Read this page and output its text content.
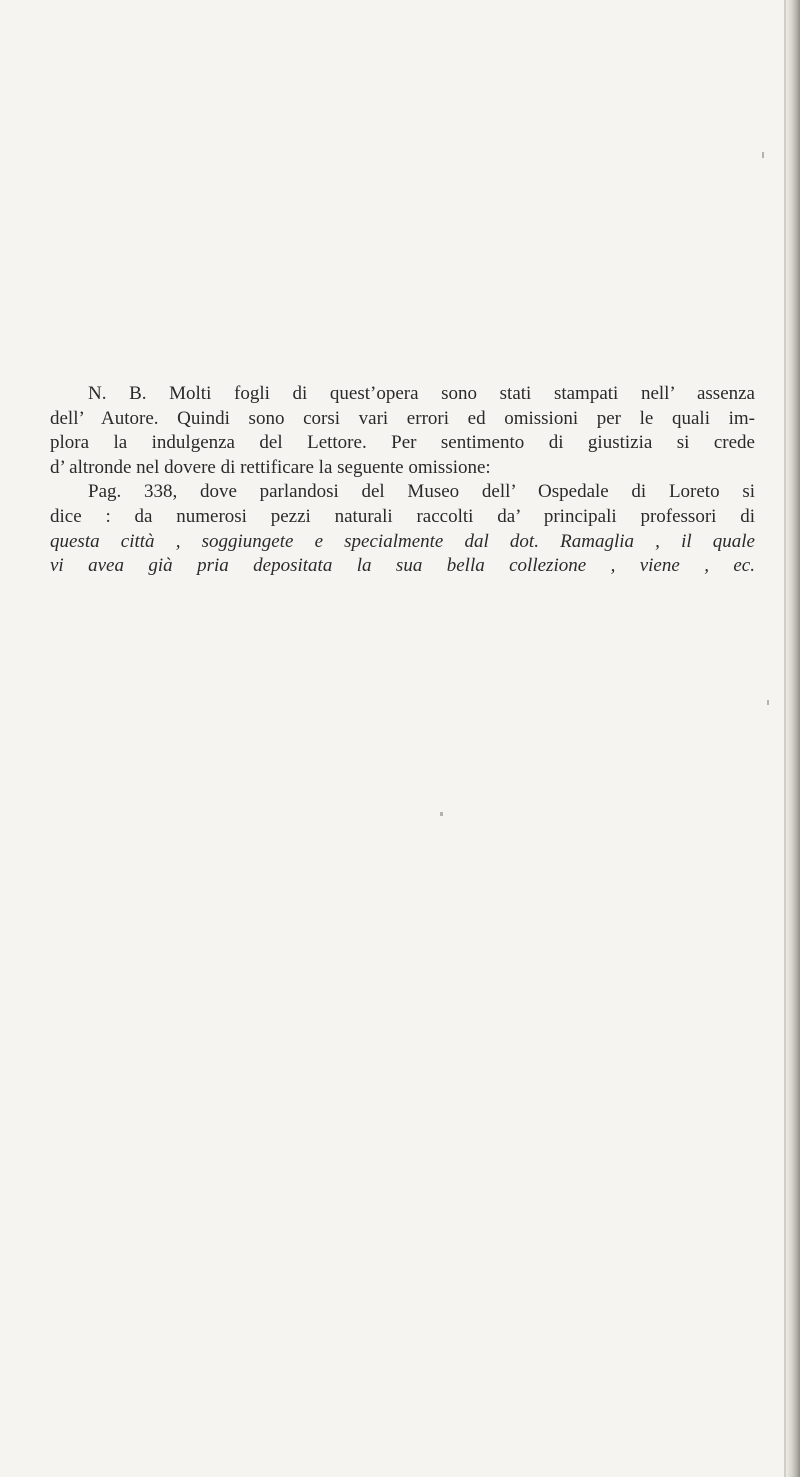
N. B. Molti fogli di quest’opera sono stati stampati nell’ assenza
dell’ Autore. Quindi sono corsi vari errori ed omissioni per le quali im-
plora la indulgenza del Lettore. Per sentimento di giustizia si crede
d’ altronde nel dovere di rettificare la seguente omissione:
Pag. 338, dove parlandosi del Museo dell’ Ospedale di Loreto si
dice : da numerosi pezzi naturali raccolti da’ principali professori di
questa città , soggiungete e specialmente dal dot. Ramaglia , il quale
vi avea già pria depositata la sua bella collezione , viene , ec.
